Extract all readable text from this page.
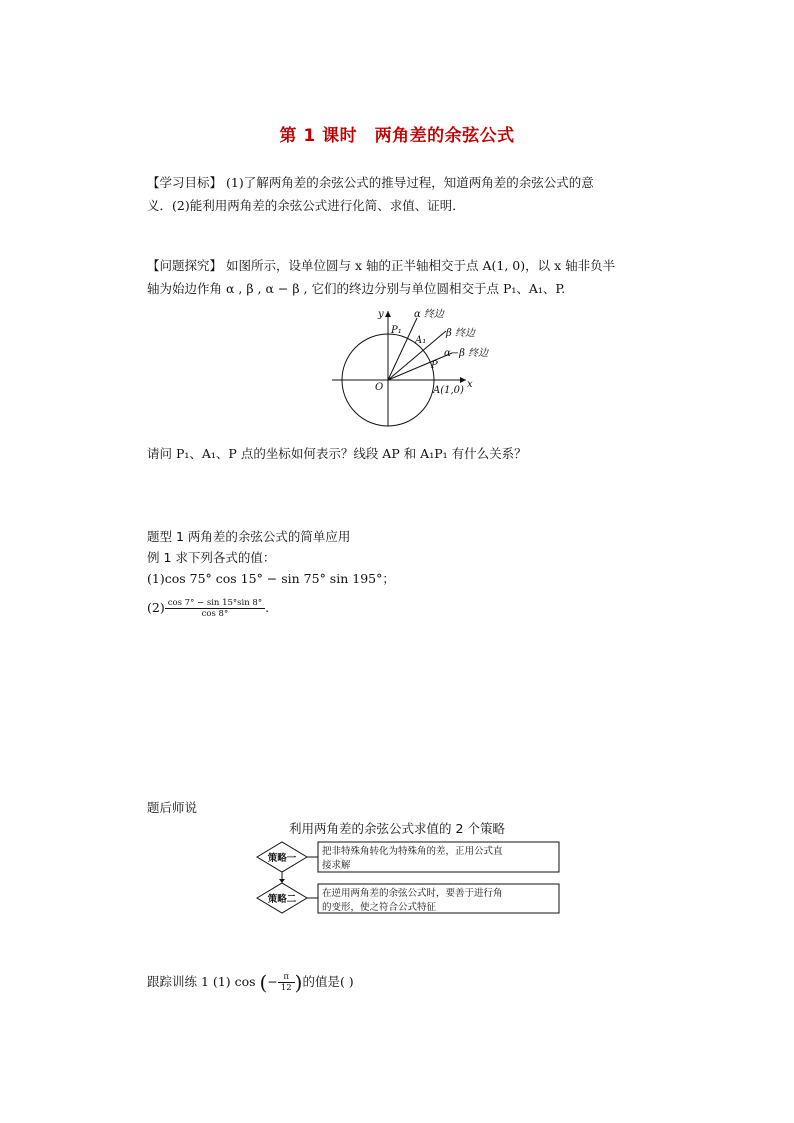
第 1 课时　两角差的余弦公式
【学习目标】 (1)了解两角差的余弦公式的推导过程，知道两角差的余弦公式的意
义．(2)能利用两角差的余弦公式进行化简、求值、证明．
【问题探究】 如图所示，设单位圆与 x 轴的正半轴相交于点 A(1, 0)，以 x 轴非负半
轴为始边作角 α , β , α − β , 它们的终边分别与单位圆相交于点 P₁、A₁、P.
y
x
O
P₁
A₁
P
A(1,0)
α 终边
β 终边
α−β 终边
请问 P₁、A₁、P 点的坐标如何表示？线段 AP 和 A₁P₁ 有什么关系？
题型 1 两角差的余弦公式的简单应用
例 1 求下列各式的值：
(1)cos 75° cos 15° − sin 75° sin 195°；
$(2) \frac{\cos 7^\circ - \sin 15^\circ\sin 8^\circ}{\cos 8^\circ}$ .
题后师说
利用两角差的余弦公式求值的 2 个策略
策略一
策略二
把非特殊角转化为特殊角的差，正用公式直
接求解
在逆用两角差的余弦公式时，要善于进行角
的变形，使之符合公式特征
跟踪训练 1 (1) cos (− $\frac{\pi}{12}$ )的值是( )
